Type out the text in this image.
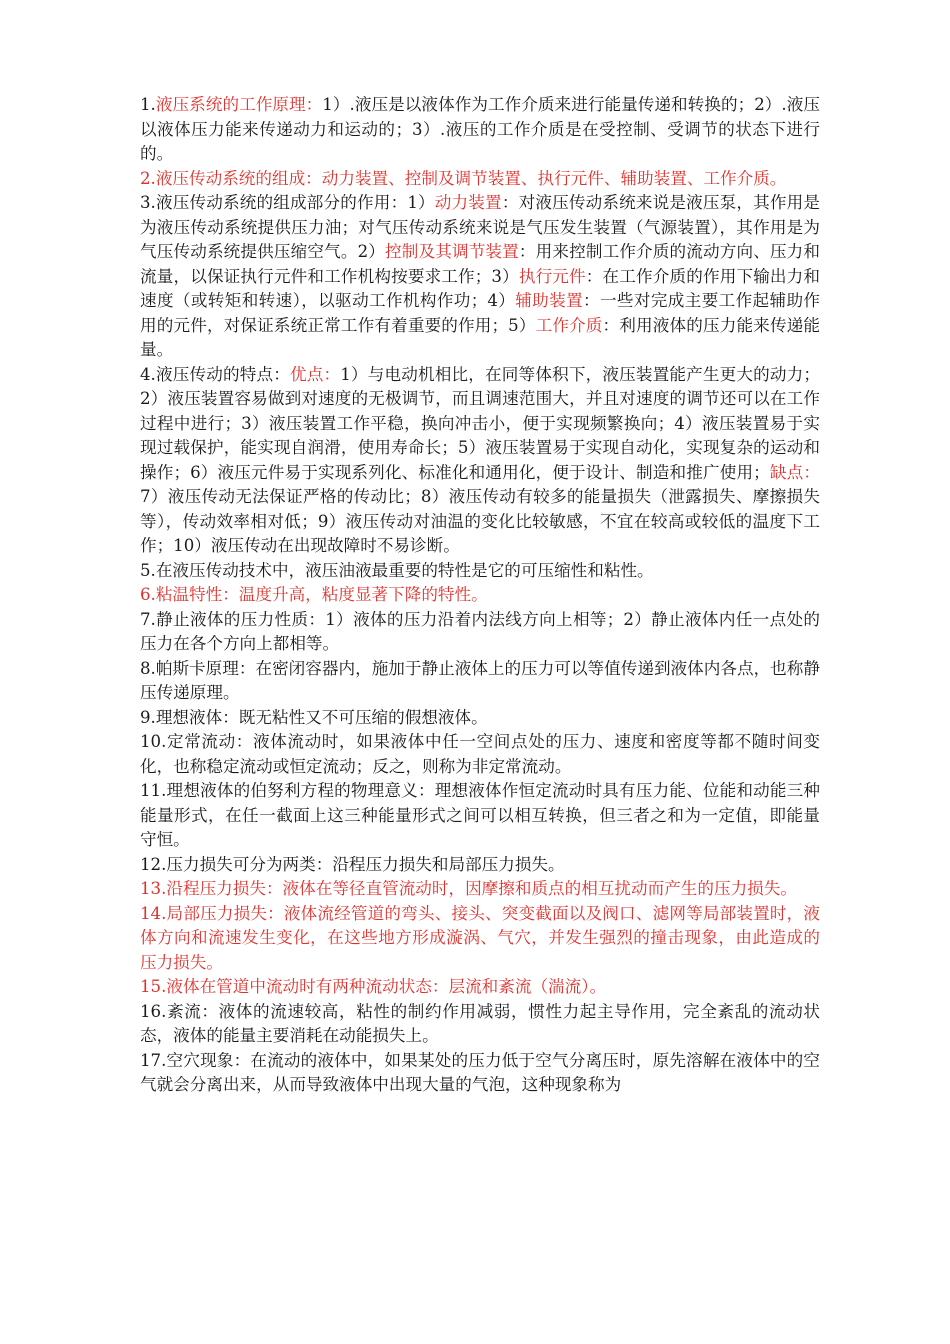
1.液压系统的工作原理：1）.液压是以液体作为工作介质来进行能量传递和转换的；2）.液压以液体压力能来传递动力和运动的；3）.液压的工作介质是在受控制、受调节的状态下进行的。

2.液压传动系统的组成：动力装置、控制及调节装置、执行元件、辅助装置、工作介质。

3.液压传动系统的组成部分的作用：1）动力装置：对液压传动系统来说是液压泵，其作用是为液压传动系统提供压力油；对气压传动系统来说是气压发生装置（气源装置），其作用是为气压传动系统提供压缩空气。2）控制及其调节装置：用来控制工作介质的流动方向、压力和流量，以保证执行元件和工作机构按要求工作；3）执行元件：在工作介质的作用下输出力和速度（或转矩和转速），以驱动工作机构作功；4）辅助装置：一些对完成主要工作起辅助作用的元件，对保证系统正常工作有着重要的作用；5）工作介质：利用液体的压力能来传递能量。

4.液压传动的特点：优点：1）与电动机相比，在同等体积下，液压装置能产生更大的动力；2）液压装置容易做到对速度的无极调节，而且调速范围大，并且对速度的调节还可以在工作过程中进行；3）液压装置工作平稳，换向冲击小，便于实现频繁换向；4）液压装置易于实现过载保护，能实现自润滑，使用寿命长；5）液压装置易于实现自动化，实现复杂的运动和操作；6）液压元件易于实现系列化、标准化和通用化，便于设计、制造和推广使用；缺点：7）液压传动无法保证严格的传动比；8）液压传动有较多的能量损失（泄露损失、摩擦损失等），传动效率相对低；9）液压传动对油温的变化比较敏感，不宜在较高或较低的温度下工作；10）液压传动在出现故障时不易诊断。

5.在液压传动技术中，液压油液最重要的特性是它的可压缩性和粘性。

6.粘温特性：温度升高，粘度显著下降的特性。

7.静止液体的压力性质：1）液体的压力沿着内法线方向上相等；2）静止液体内任一点处的压力在各个方向上都相等。

8.帕斯卡原理：在密闭容器内，施加于静止液体上的压力可以等值传递到液体内各点，也称静压传递原理。

9.理想液体：既无粘性又不可压缩的假想液体。

10.定常流动：液体流动时，如果液体中任一空间点处的压力、速度和密度等都不随时间变化，也称稳定流动或恒定流动；反之，则称为非定常流动。

11.理想液体的伯努利方程的物理意义：理想液体作恒定流动时具有压力能、位能和动能三种能量形式，在任一截面上这三种能量形式之间可以相互转换，但三者之和为一定值，即能量守恒。

12.压力损失可分为两类：沿程压力损失和局部压力损失。

13.沿程压力损失：液体在等径直管流动时，因摩擦和质点的相互扰动而产生的压力损失。

14.局部压力损失：液体流经管道的弯头、接头、突变截面以及阀口、滤网等局部装置时，液体方向和流速发生变化，在这些地方形成漩涡、气穴，并发生强烈的撞击现象，由此造成的压力损失。

15.液体在管道中流动时有两种流动状态：层流和紊流（湍流）。

16.紊流：液体的流速较高，粘性的制约作用减弱，惯性力起主导作用，完全紊乱的流动状态，液体的能量主要消耗在动能损失上。

17.空穴现象：在流动的液体中，如果某处的压力低于空气分离压时，原先溶解在液体中的空气就会分离出来，从而导致液体中出现大量的气泡，这种现象称为
